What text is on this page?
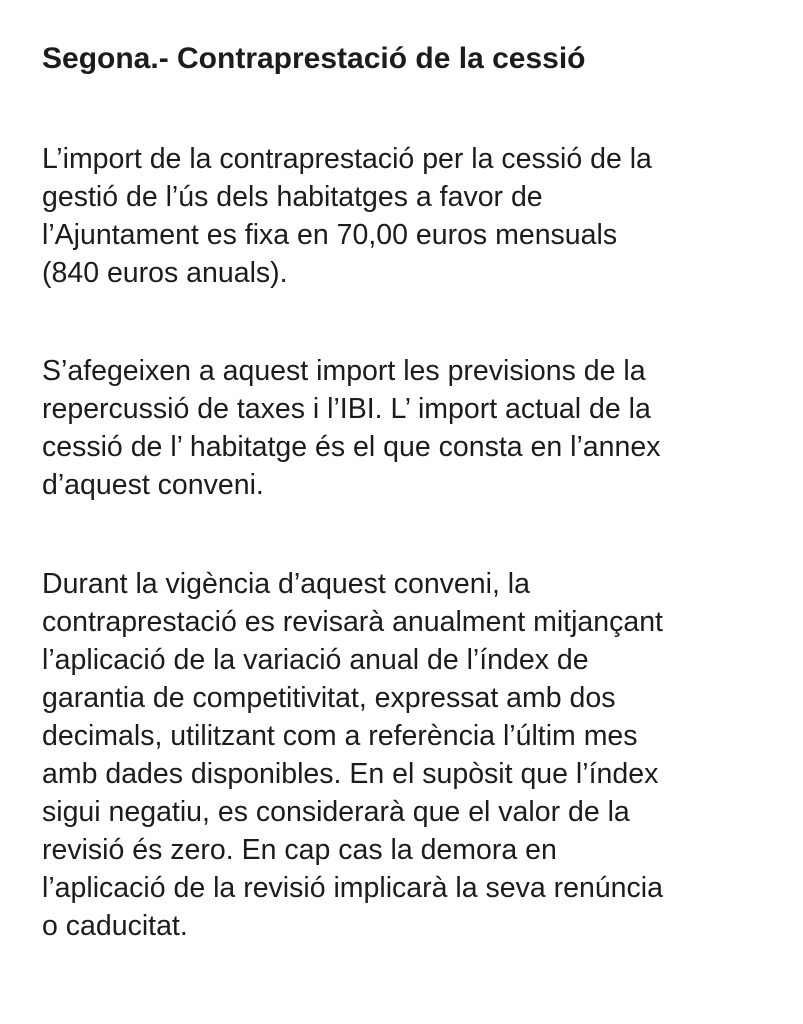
Segona.- Contraprestació de la cessió

L’import de la contraprestació per la cessió de la
gestió de l’ús dels habitatges a favor de
l’Ajuntament es fixa en 70,00 euros mensuals
(840 euros anuals).

S’afegeixen a aquest import les previsions de la
repercussió de taxes i l’IBI. L’ import actual de la
cessió de l’ habitatge és el que consta en l’annex
d’aquest conveni.

Durant la vigència d’aquest conveni, la
contraprestació es revisarà anualment mitjançant
l’aplicació de la variació anual de l’índex de
garantia de competitivitat, expressat amb dos
decimals, utilitzant com a referència l’últim mes
amb dades disponibles. En el supòsit que l’índex
sigui negatiu, es considerarà que el valor de la
revisió és zero. En cap cas la demora en
l’aplicació de la revisió implicarà la seva renúncia
o caducitat.
